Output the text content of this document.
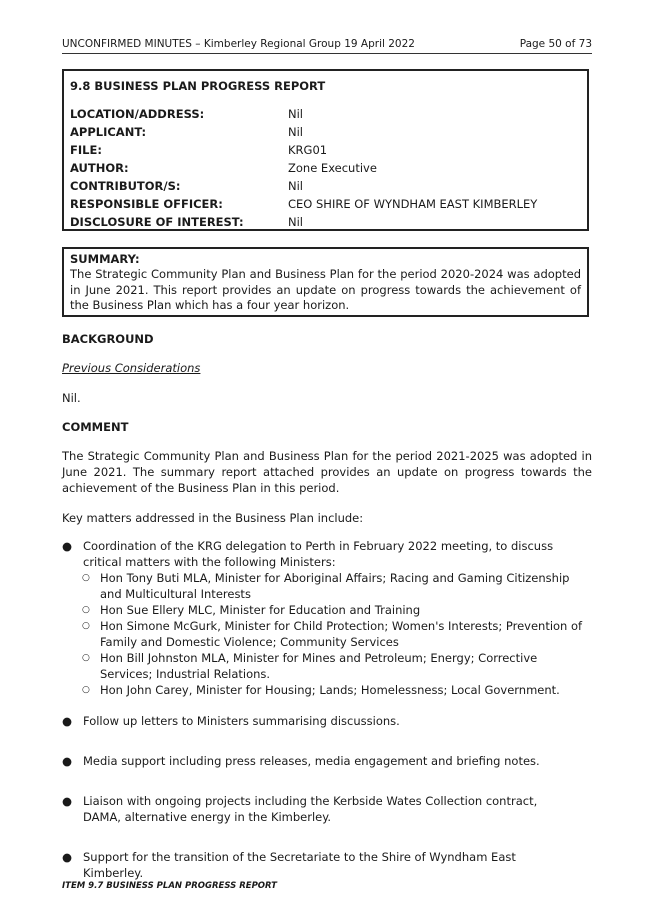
UNCONFIRMED MINUTES – Kimberley Regional Group 19 April 2022	Page 50 of 73
9.8 BUSINESS PLAN PROGRESS REPORT
LOCATION/ADDRESS:	Nil
APPLICANT:	Nil
FILE:	KRG01
AUTHOR:	Zone Executive
CONTRIBUTOR/S:	Nil
RESPONSIBLE OFFICER:	CEO SHIRE OF WYNDHAM EAST KIMBERLEY
DISCLOSURE OF INTEREST:	Nil
SUMMARY:
The Strategic Community Plan and Business Plan for the period 2020-2024 was adopted in June 2021. This report provides an update on progress towards the achievement of the Business Plan which has a four year horizon.
BACKGROUND
Previous Considerations
Nil.
COMMENT
The Strategic Community Plan and Business Plan for the period 2021-2025 was adopted in June 2021. The summary report attached provides an update on progress towards the achievement of the Business Plan in this period.
Key matters addressed in the Business Plan include:
● Coordination of the KRG delegation to Perth in February 2022 meeting, to discuss critical matters with the following Ministers:
○ Hon Tony Buti MLA, Minister for Aboriginal Affairs; Racing and Gaming Citizenship and Multicultural Interests
○ Hon Sue Ellery MLC, Minister for Education and Training
○ Hon Simone McGurk, Minister for Child Protection; Women's Interests; Prevention of Family and Domestic Violence; Community Services
○ Hon Bill Johnston MLA, Minister for Mines and Petroleum; Energy; Corrective Services; Industrial Relations.
○ Hon John Carey, Minister for Housing; Lands; Homelessness; Local Government.
● Follow up letters to Ministers summarising discussions.
● Media support including press releases, media engagement and briefing notes.
● Liaison with ongoing projects including the Kerbside Wates Collection contract, DAMA, alternative energy in the Kimberley.
● Support for the transition of the Secretariate to the Shire of Wyndham East Kimberley.
ITEM 9.7 BUSINESS PLAN PROGRESS REPORT
